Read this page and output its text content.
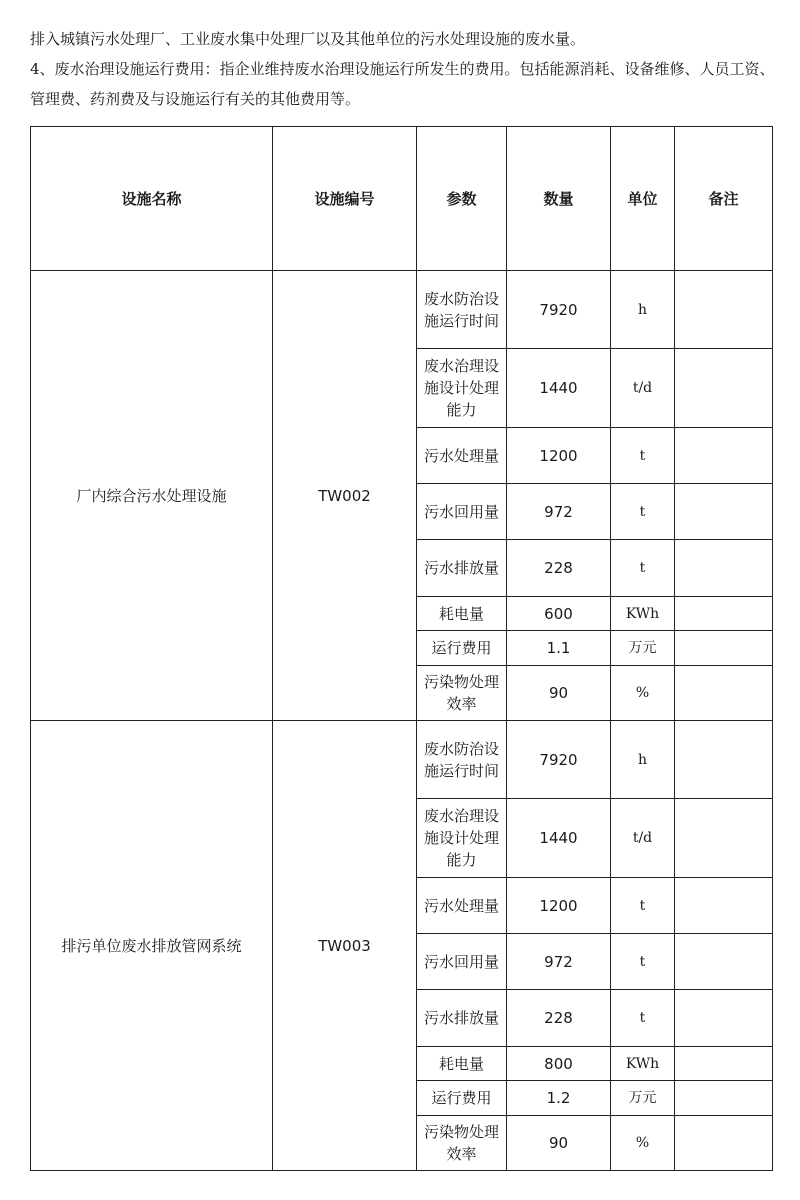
排入城镇污水处理厂、工业废水集中处理厂以及其他单位的污水处理设施的废水量。

4、废水治理设施运行费用：指企业维持废水治理设施运行所发生的费用。包括能源消耗、设备维修、人员工资、管理费、药剂费及与设施运行有关的其他费用等。

设施名称	设施编号	参数	数量	单位	备注
厂内综合污水处理设施	TW002	废水防治设施运行时间	7920	h	
		废水治理设施设计处理能力	1440	t/d	
		污水处理量	1200	t	
		污水回用量	972	t	
		污水排放量	228	t	
		耗电量	600	KWh	
		运行费用	1.1	万元	
		污染物处理效率	90	%	
排污单位废水排放管网系统	TW003	废水防治设施运行时间	7920	h	
		废水治理设施设计处理能力	1440	t/d	
		污水处理量	1200	t	
		污水回用量	972	t	
		污水排放量	228	t	
		耗电量	800	KWh	
		运行费用	1.2	万元	
		污染物处理效率	90	%	
